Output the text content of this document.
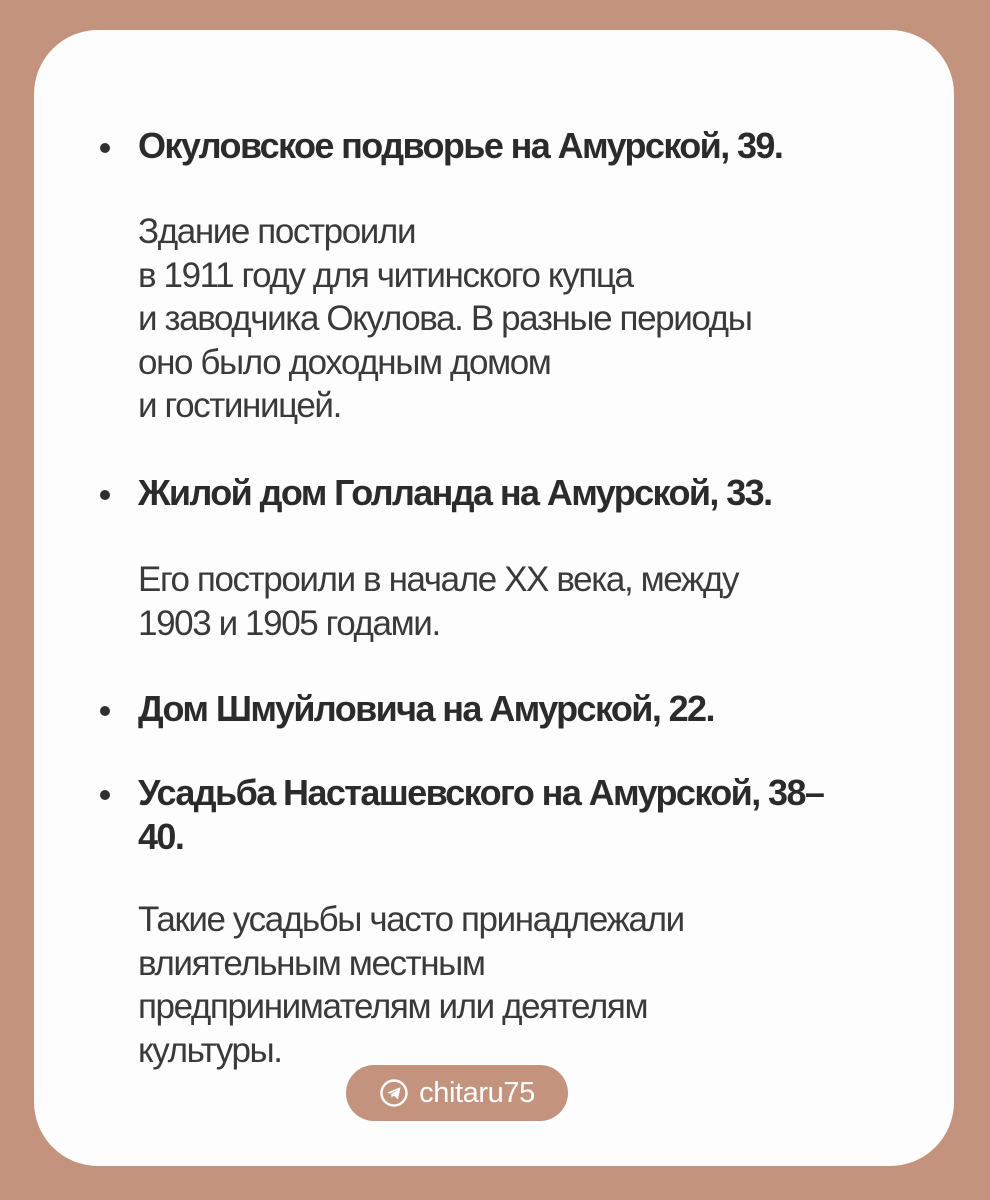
Окуловское подворье на Амурской, 39.

Здание построили
в 1911 году для читинского купца
и заводчика Окулова. В разные периоды
оно было доходным домом
и гостиницей.

Жилой дом Голланда на Амурской, 33.

Его построили в начале XX века, между
1903 и 1905 годами.

Дом Шмуйловича на Амурской, 22.

Усадьба Насташевского на Амурской, 38–
40.

Такие усадьбы часто принадлежали
влиятельным местным
предпринимателям или деятелям
культуры.

chitaru75
